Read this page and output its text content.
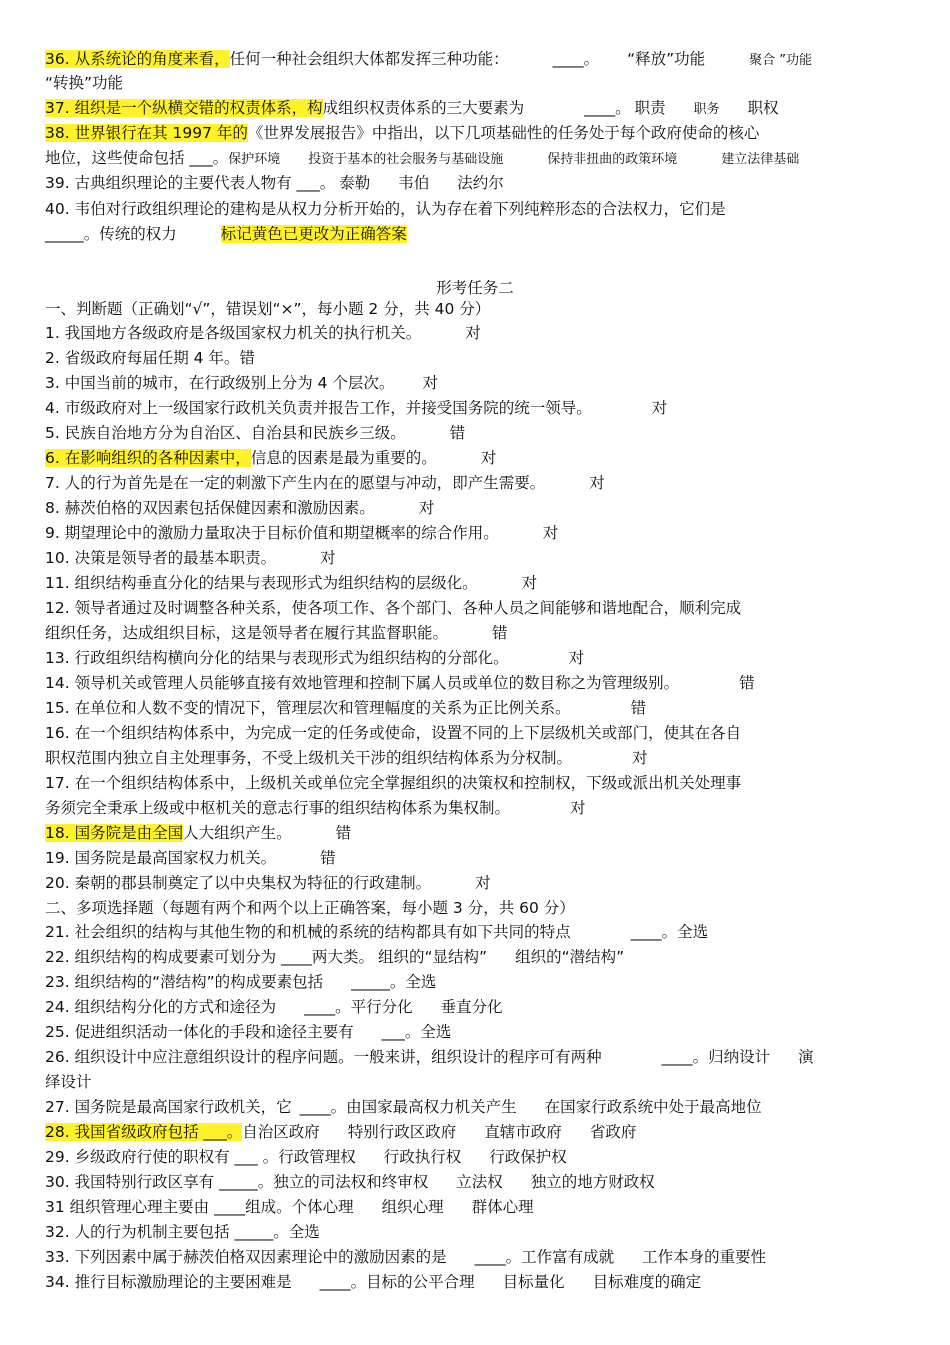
36. 从系统论的角度来看，任何一种社会组织大体都发挥三种功能：	____。 “释放”功能	聚合 ”功能
“转换”功能
37. 组织是一个纵横交错的权责体系，构成组织权责体系的三大要素为	____。 职责 职务 职权
38. 世界银行在其 1997 年的《世界发展报告》中指出，以下几项基础性的任务处于每个政府使命的核心
地位，这些使命包括 ___。保护环境 投资于基本的社会服务与基础设施	保持非扭曲的政策环境	建立法律基础
39. 古典组织理论的主要代表人物有 ___。 泰勒 韦伯 法约尔
40. 韦伯对行政组织理论的建构是从权力分析开始的，认为存在着下列纯粹形态的合法权力，它们是
_____。传统的权力	标记黄色已更改为正确答案
形考任务二
一、判断题（正确划“√”，错误划“×”，每小题 2 分，共 40 分）
1. 我国地方各级政府是各级国家权力机关的执行机关。	对
2. 省级政府每届任期 4 年。错
3. 中国当前的城市，在行政级别上分为 4 个层次。 对
4. 市级政府对上一级国家行政机关负责并报告工作，并接受国务院的统一领导。	对
5. 民族自治地方分为自治区、自治县和民族乡三级。	错
6. 在影响组织的各种因素中，信息的因素是最为重要的。	对
7. 人的行为首先是在一定的刺激下产生内在的愿望与冲动，即产生需要。	对
8. 赫茨伯格的双因素包括保健因素和激励因素。	对
9. 期望理论中的激励力量取决于目标价值和期望概率的综合作用。	对
10. 决策是领导者的最基本职责。	对
11. 组织结构垂直分化的结果与表现形式为组织结构的层级化。	对
12. 领导者通过及时调整各种关系，使各项工作、各个部门、各种人员之间能够和谐地配合，顺利完成
组织任务，达成组织目标，这是领导者在履行其监督职能。	错
13. 行政组织结构横向分化的结果与表现形式为组织结构的分部化。	对
14. 领导机关或管理人员能够直接有效地管理和控制下属人员或单位的数目称之为管理级别。	错
15. 在单位和人数不变的情况下，管理层次和管理幅度的关系为正比例关系。	错
16. 在一个组织结构体系中，为完成一定的任务或使命，设置不同的上下层级机关或部门，使其在各自
职权范围内独立自主处理事务，不受上级机关干涉的组织结构体系为分权制。	对
17. 在一个组织结构体系中，上级机关或单位完全掌握组织的决策权和控制权，下级或派出机关处理事
务须完全秉承上级或中枢机关的意志行事的组织结构体系为集权制。	对
18. 国务院是由全国人大组织产生。	错
19. 国务院是最高国家权力机关。	错
20. 秦朝的郡县制奠定了以中央集权为特征的行政建制。	对
二、多项选择题（每题有两个和两个以上正确答案，每小题 3 分，共 60 分）
21. 社会组织的结构与其他生物的和机械的系统的结构都具有如下共同的特点	____。全选
22. 组织结构的构成要素可划分为 ____两大类。 组织的“显结构” 组织的“潜结构”
23. 组织结构的“潜结构”的构成要素包括 _____。全选
24. 组织结构分化的方式和途径为 ____。平行分化 垂直分化
25. 促进组织活动一体化的手段和途径主要有 ___。全选
26. 组织设计中应注意组织设计的程序问题。一般来讲，组织设计的程序可有两种	____。归纳设计 演
绎设计
27. 国务院是最高国家行政机关，它 ____。由国家最高权力机关产生 在国家行政系统中处于最高地位
28. 我国省级政府包括 ___。自治区政府 特别行政区政府 直辖市政府 省政府
29. 乡级政府行使的职权有 ___ 。行政管理权 行政执行权 行政保护权
30. 我国特别行政区享有 _____。独立的司法权和终审权 立法权 独立的地方财政权
31 组织管理心理主要由 ____组成。个体心理 组织心理 群体心理
32. 人的行为机制主要包括 _____。全选
33. 下列因素中属于赫茨伯格双因素理论中的激励因素的是 ____。工作富有成就 工作本身的重要性
34. 推行目标激励理论的主要困难是 ____。目标的公平合理 目标量化 目标难度的确定
